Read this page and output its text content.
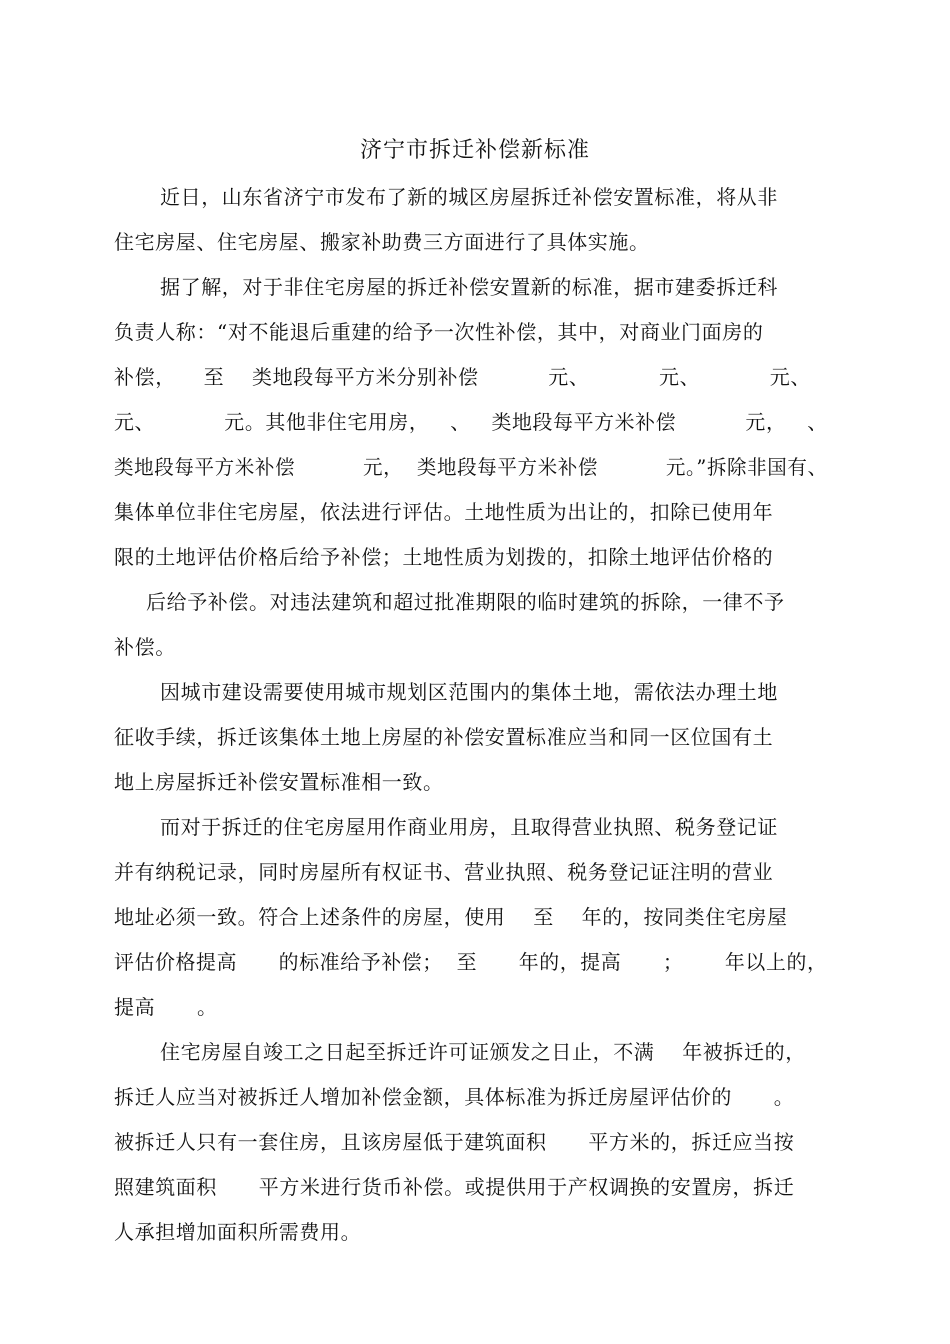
济宁市拆迁补偿新标准
近日，山东省济宁市发布了新的城区房屋拆迁补偿安置标准，将从非
住宅房屋、住宅房屋、搬家补助费三方面进行了具体实施。
据了解，对于非住宅房屋的拆迁补偿安置新的标准，据市建委拆迁科
负责人称：“对不能退后重建的给予一次性补偿，其中，对商业门面房的
补偿，    至    类地段每平方米分别补偿          元、          元、          元、
元、          元。其他非住宅用房，   、   类地段每平方米补偿          元，   、
类地段每平方米补偿          元，  类地段每平方米补偿          元。”拆除非国有、
集体单位非住宅房屋，依法进行评估。土地性质为出让的，扣除已使用年
限的土地评估价格后给予补偿；土地性质为划拨的，扣除土地评估价格的
后给予补偿。对违法建筑和超过批准期限的临时建筑的拆除，一律不予
补偿。
因城市建设需要使用城市规划区范围内的集体土地，需依法办理土地
征收手续，拆迁该集体土地上房屋的补偿安置标准应当和同一区位国有土
地上房屋拆迁补偿安置标准相一致。
而对于拆迁的住宅房屋用作商业用房，且取得营业执照、税务登记证
并有纳税记录，同时房屋所有权证书、营业执照、税务登记证注明的营业
地址必须一致。符合上述条件的房屋，使用    至    年的，按同类住宅房屋
评估价格提高      的标准给予补偿；  至      年的，提高      ；      年以上的，
提高      。
住宅房屋自竣工之日起至拆迁许可证颁发之日止，不满    年被拆迁的，
拆迁人应当对被拆迁人增加补偿金额，具体标准为拆迁房屋评估价的      。
被拆迁人只有一套住房，且该房屋低于建筑面积      平方米的，拆迁应当按
照建筑面积      平方米进行货币补偿。或提供用于产权调换的安置房，拆迁
人承担增加面积所需费用。
